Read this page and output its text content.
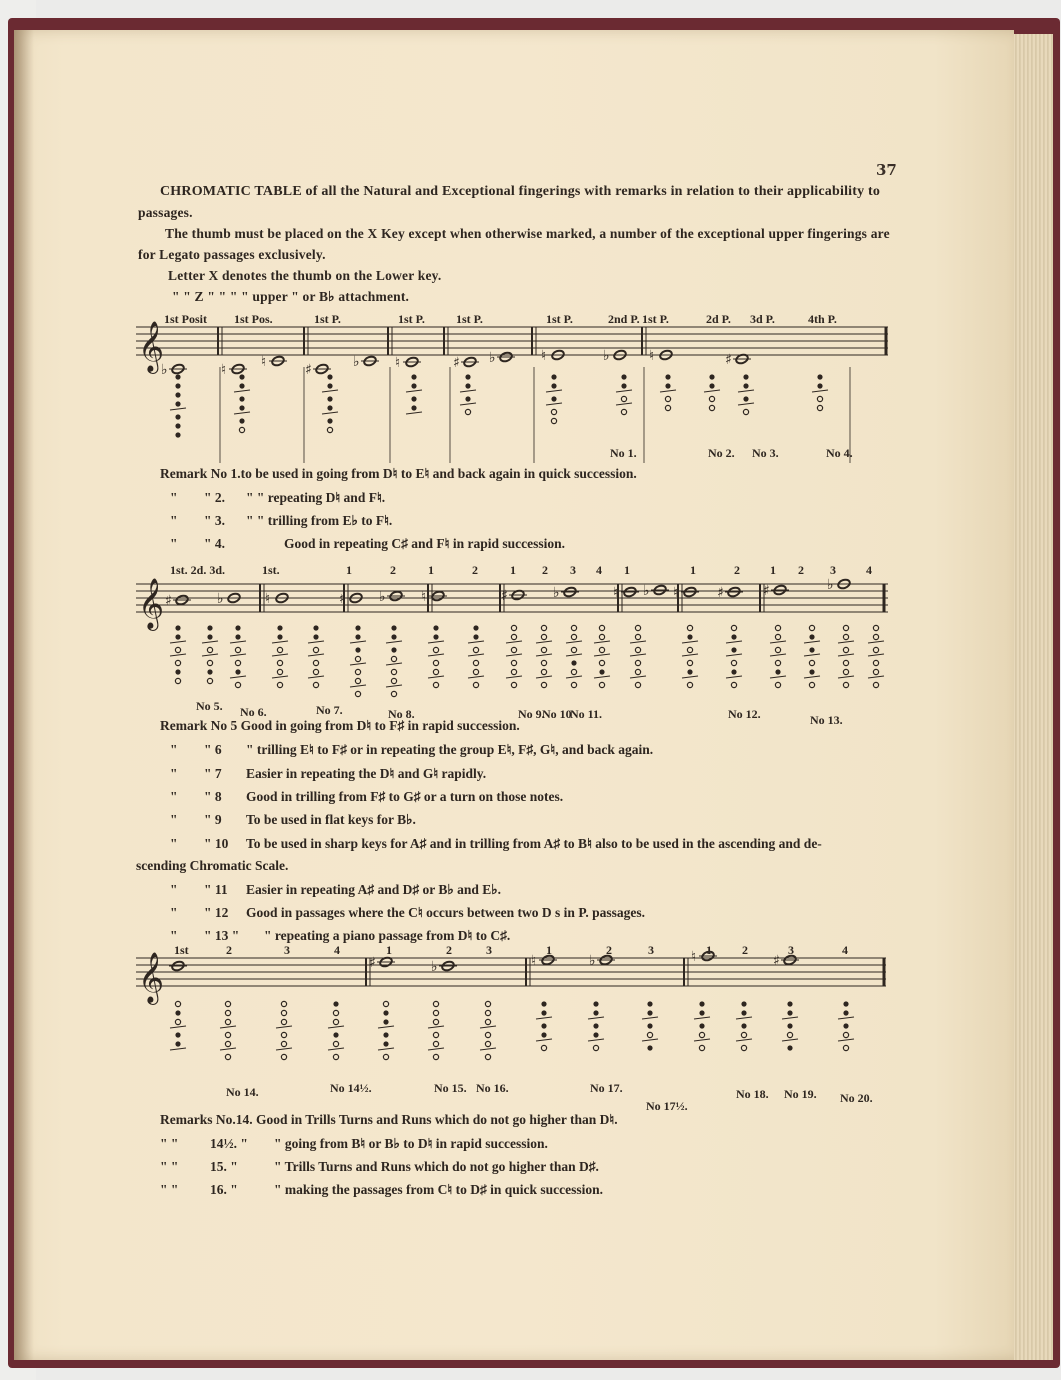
37
CHROMATIC TABLE of all the Natural and Exceptional fingerings with remarks in relation to their applicability to
passages.
The thumb must be placed on the X Key except when otherwise marked, a number of the exceptional upper fingerings are
for Legato passages exclusively.
Letter X denotes the thumb on the Lower key.
" " Z " " " " upper " or B♭ attachment.
𝄞
1st Posit 1st Pos.	1st P.	1st P.	1st P.	1st P.	2nd P. 1st P.	2d P. 3d P.	4th P.
♭	♮ ♮	♯	♭	♮	♯ ♭	♮	♭	♮	♯
No 1.	No 2. No 3.	No 4.
Remark No 1.to be used in going from D♮ to E♮ and back again in quick succession.
" " 2. " " repeating D♮ and F♮.
" " 3. " " trilling from E♭ to F♮.
" " 4.	Good in repeating C♯ and F♮ in rapid succession.
𝄞
1st. 2d. 3d.	1st.	1	2	1	2	1 2 3 4 1	1	2	1 2 3	4
♯	♭	♮	♯ ♭	♮	♯	♭	♮ ♭ ♮	♯	♯	♭
No 5. No 6.	No 7.	No 8.	No 9.
No 10
No 11.	No 12.	No 13.
Remark No 5 Good in going from D♮ to F♯ in rapid succession.
" " 6 " trilling E♮ to F♯ or in repeating the group E♮, F♯, G♮, and back again.
" " 7 Easier in repeating the D♮ and G♮ rapidly.
" " 8 Good in trilling from F♯ to G♯ or a turn on those notes.
" " 9 To be used in flat keys for B♭.
" " 10 To be used in sharp keys for A♯ and in trilling from A♯ to B♮ also to be used in the ascending and de-
scending Chromatic Scale.
" " 11 Easier in repeating A♯ and D♯ or B♭ and E♭.
" " 12 Good in passages where the C♮ occurs between two D s in P. passages.
" " 13 " " repeating a piano passage from D♮ to C♯.
𝄞
1st	2	3	4	1	2	3	1	2	3	1	2	3	4
♯	♭	♮	♭	♮	♯
No 14.	No 14½.	No 15. No 16.	No 17.
No 17½.
No 18. No 19. No 20.
Remarks No.14. Good in Trills Turns and Runs which do not go higher than D♮.
" " 14½. " " going from B♮ or B♭ to D♮ in rapid succession.
" " 15. "	" Trills Turns and Runs which do not go higher than D♯.
" " 16. "	" making the passages from C♮ to D♯ in quick succession.
